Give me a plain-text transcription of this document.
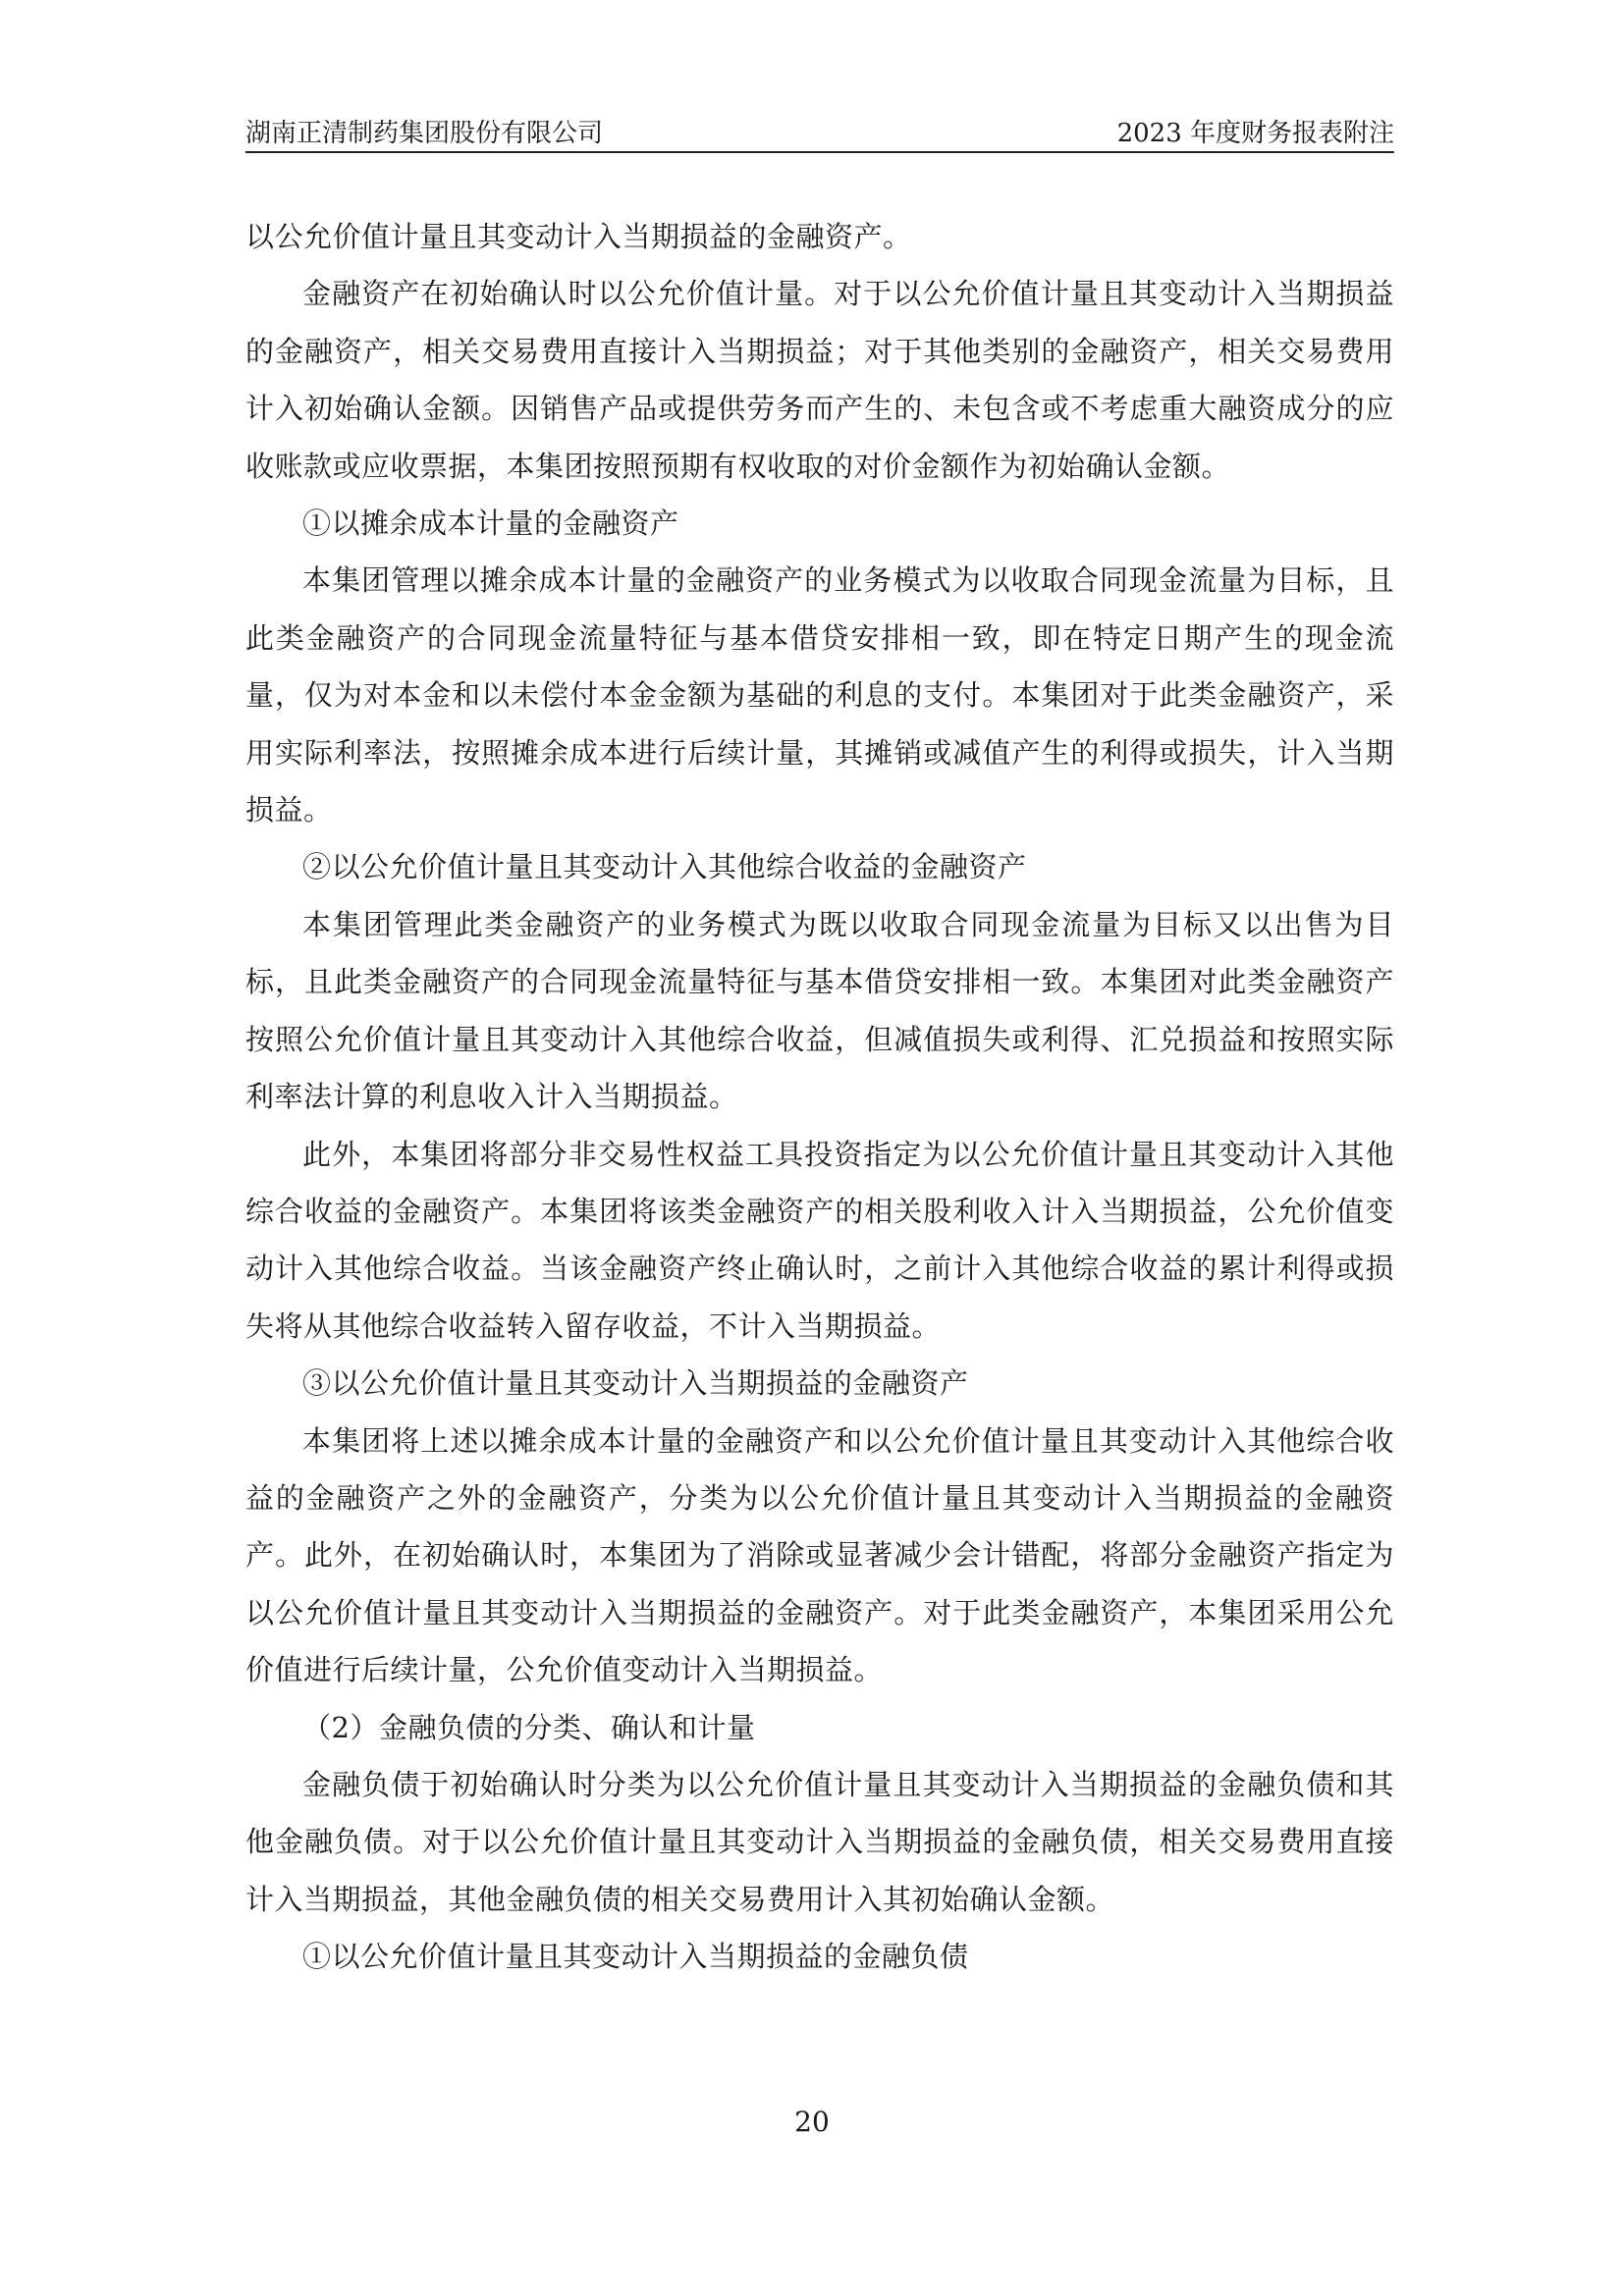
湖南正清制药集团股份有限公司	2023 年度财务报表附注

以公允价值计量且其变动计入当期损益的金融资产。

金融资产在初始确认时以公允价值计量。对于以公允价值计量且其变动计入当期损益的金融资产，相关交易费用直接计入当期损益；对于其他类别的金融资产，相关交易费用计入初始确认金额。因销售产品或提供劳务而产生的、未包含或不考虑重大融资成分的应收账款或应收票据，本集团按照预期有权收取的对价金额作为初始确认金额。

①以摊余成本计量的金融资产

本集团管理以摊余成本计量的金融资产的业务模式为以收取合同现金流量为目标，且此类金融资产的合同现金流量特征与基本借贷安排相一致，即在特定日期产生的现金流量，仅为对本金和以未偿付本金金额为基础的利息的支付。本集团对于此类金融资产，采用实际利率法，按照摊余成本进行后续计量，其摊销或减值产生的利得或损失，计入当期损益。

②以公允价值计量且其变动计入其他综合收益的金融资产

本集团管理此类金融资产的业务模式为既以收取合同现金流量为目标又以出售为目标，且此类金融资产的合同现金流量特征与基本借贷安排相一致。本集团对此类金融资产按照公允价值计量且其变动计入其他综合收益，但减值损失或利得、汇兑损益和按照实际利率法计算的利息收入计入当期损益。

此外，本集团将部分非交易性权益工具投资指定为以公允价值计量且其变动计入其他综合收益的金融资产。本集团将该类金融资产的相关股利收入计入当期损益，公允价值变动计入其他综合收益。当该金融资产终止确认时，之前计入其他综合收益的累计利得或损失将从其他综合收益转入留存收益，不计入当期损益。

③以公允价值计量且其变动计入当期损益的金融资产

本集团将上述以摊余成本计量的金融资产和以公允价值计量且其变动计入其他综合收益的金融资产之外的金融资产，分类为以公允价值计量且其变动计入当期损益的金融资产。此外，在初始确认时，本集团为了消除或显著减少会计错配，将部分金融资产指定为以公允价值计量且其变动计入当期损益的金融资产。对于此类金融资产，本集团采用公允价值进行后续计量，公允价值变动计入当期损益。

（2）金融负债的分类、确认和计量

金融负债于初始确认时分类为以公允价值计量且其变动计入当期损益的金融负债和其他金融负债。对于以公允价值计量且其变动计入当期损益的金融负债，相关交易费用直接计入当期损益，其他金融负债的相关交易费用计入其初始确认金额。

①以公允价值计量且其变动计入当期损益的金融负债

20
